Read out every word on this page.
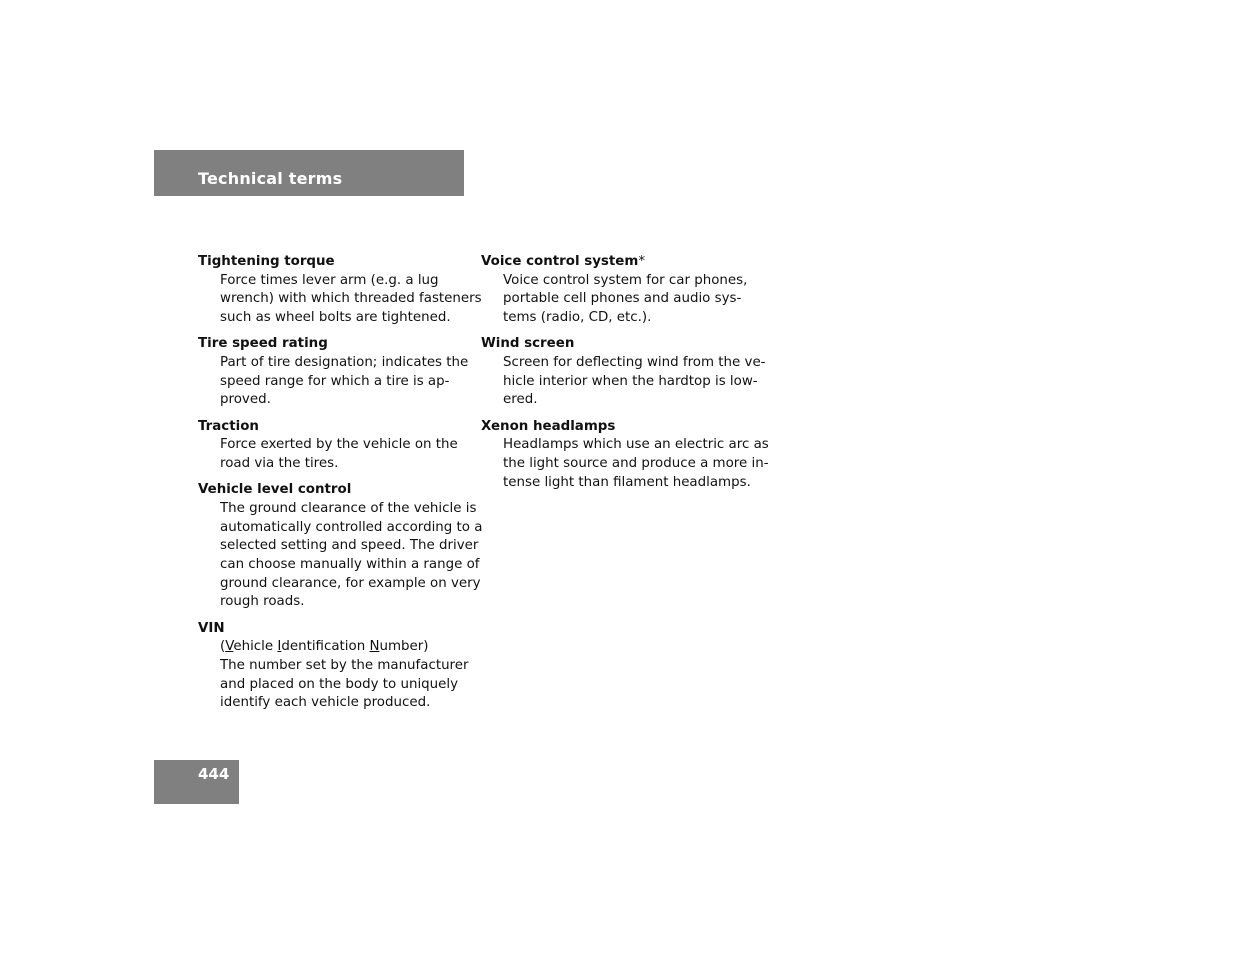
Technical terms
Tightening torque
Force times lever arm (e.g. a lug
wrench) with which threaded fasteners
such as wheel bolts are tightened.
Tire speed rating
Part of tire designation; indicates the
speed range for which a tire is ap-
proved.
Traction
Force exerted by the vehicle on the
road via the tires.
Vehicle level control
The ground clearance of the vehicle is
automatically controlled according to a
selected setting and speed. The driver
can choose manually within a range of
ground clearance, for example on very
rough roads.
VIN
(Vehicle Identification Number)
The number set by the manufacturer
and placed on the body to uniquely
identify each vehicle produced.
Voice control system*
Voice control system for car phones,
portable cell phones and audio sys-
tems (radio, CD, etc.).
Wind screen
Screen for deflecting wind from the ve-
hicle interior when the hardtop is low-
ered.
Xenon headlamps
Headlamps which use an electric arc as
the light source and produce a more in-
tense light than filament headlamps.
444
